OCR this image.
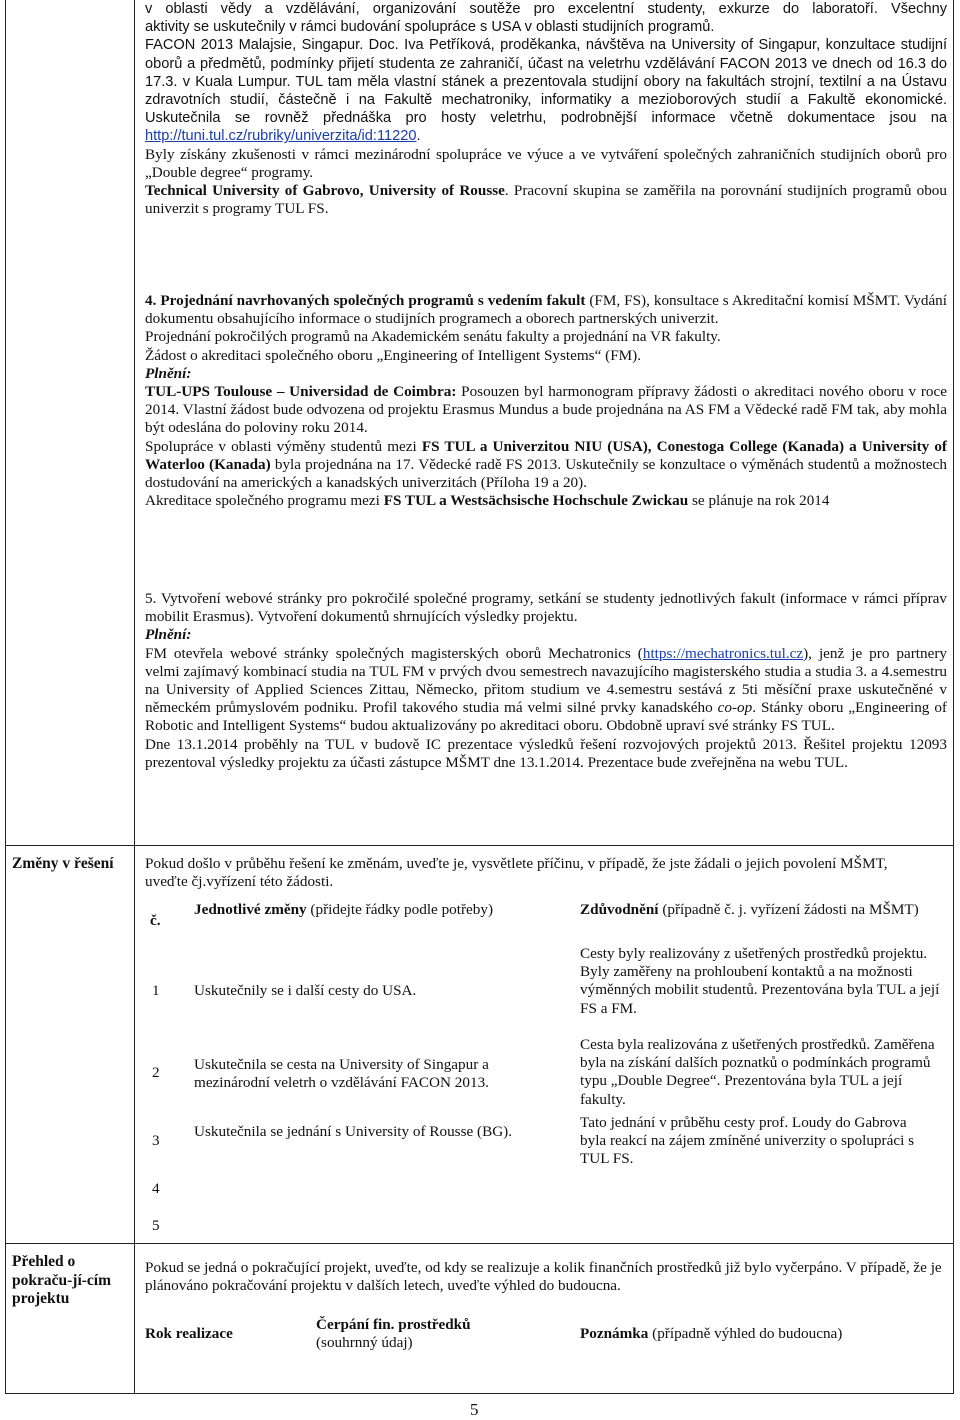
v oblasti vědy a vzdělávání, organizování soutěže pro excelentní studenty, exkurze do laboratoří. Všechny

aktivity se uskutečnily v rámci budování spolupráce s USA v oblasti studijních programů.

FACON 2013 Malajsie, Singapur. Doc. Iva Petříková, proděkanka, návštěva na University of Singapur, konzultace studijní oborů a předmětů, podmínky přijetí studenta ze zahraničí, účast na veletrhu vzdělávání FACON 2013 ve dnech od 16.3 do 17.3. v Kuala Lumpur. TUL tam měla vlastní stánek a prezentovala studijní obory na fakultách strojní, textilní a na Ústavu zdravotních studií, částečně i na Fakultě mechatroniky, informatiky a mezioborových studií a Fakultě ekonomické. Uskutečnila se rovněž přednáška pro hosty veletrhu, podrobnější informace včetně dokumentace jsou na http://tuni.tul.cz/rubriky/univerzita/id:11220.

Byly získány zkušenosti v rámci mezinárodní spolupráce ve výuce a ve vytváření společných zahraničních studijních oborů pro „Double degree“ programy.

Technical University of Gabrovo, University of Rousse. Pracovní skupina se zaměřila na porovnání studijních programů obou univerzit s programy TUL FS.

4. Projednání navrhovaných společných programů s vedením fakult (FM, FS), konsultace s Akreditační komisí MŠMT. Vydání dokumentu obsahujícího informace o studijních programech a oborech partnerských univerzit.

Projednání pokročilých programů na Akademickém senátu fakulty a projednání na VR fakulty.

Žádost o akreditaci společného oboru „Engineering of Intelligent Systems“ (FM).

Plnění:

TUL-UPS Toulouse – Universidad de Coimbra: Posouzen byl harmonogram přípravy žádosti o akreditaci nového oboru v roce 2014. Vlastní žádost bude odvozena od projektu Erasmus Mundus a bude projednána na AS FM a Vědecké radě FM tak, aby mohla být odeslána do poloviny roku 2014.

Spolupráce v oblasti výměny studentů mezi FS TUL a Univerzitou NIU (USA), Conestoga College (Kanada) a University of Waterloo (Kanada) byla projednána na 17. Vědecké radě FS 2013. Uskutečnily se konzultace o výměnách studentů a možnostech dostudování na amerických a kanadských univerzitách (Příloha 19 a 20).

Akreditace společného programu mezi FS TUL a Westsächsische Hochschule Zwickau se plánuje na rok 2014

5. Vytvoření webové stránky pro pokročilé společné programy, setkání se studenty jednotlivých fakult (informace v rámci příprav mobilit Erasmus). Vytvoření dokumentů shrnujících výsledky projektu.

Plnění:

FM otevřela webové stránky společných magisterských oborů Mechatronics (https://mechatronics.tul.cz), jenž je pro partnery velmi zajímavý kombinací studia na TUL FM v prvých dvou semestrech navazujícího magisterského studia a studia 3. a 4.semestru na University of Applied Sciences Zittau, Německo, přitom studium ve 4.semestru sestává z 5ti měsíční praxe uskutečněné v německém průmyslovém podniku. Profil takového studia má velmi silné prvky kanadského co-op. Stánky oboru „Engineering of Robotic and Intelligent Systems“ budou aktualizovány po akreditaci oboru. Obdobně upraví své stránky FS TUL.

Dne 13.1.2014 proběhly na TUL v budově IC prezentace výsledků řešení rozvojových projektů 2013. Řešitel projektu 12093 prezentoval výsledky projektu za účasti zástupce MŠMT dne 13.1.2014. Prezentace bude zveřejněna na webu TUL.

Změny v řešení	Pokud došlo v průběhu řešení ke změnám, uveďte je, vysvětlete příčinu, v případě, že jste žádali o jejich povolení MŠMT, uveďte čj.vyřízení této žádosti.

č.
Jednotlivé změny (přidejte řádky podle potřeby)	Zdůvodnění (případně č. j. vyřízení žádosti na MŠMT)
1 Uskutečnily se i další cesty do USA.
Cesty byly realizovány z ušetřených prostředků projektu. Byly zaměřeny na prohloubení kontaktů a na možnosti výměnných mobilit studentů. Prezentována byla TUL a její FS a FM.
2 Uskutečnila se cesta na University of Singapur a mezinárodní veletrh o vzdělávání FACON 2013.
Cesta byla realizována z ušetřených prostředků. Zaměřena byla na získání dalších poznatků o podmínkách programů typu „Double Degree“. Prezentována byla TUL a její fakulty.
3
Uskutečnila se jednání s University of Rousse (BG).
Tato jednání v průběhu cesty prof. Loudy do Gabrova byla reakcí na zájem zmíněné univerzity o spolupráci s TUL FS.
4
5
Přehled o pokraču-jí-cím projektu

Pokud se jedná o pokračující projekt, uveďte, od kdy se realizuje a kolik finančních prostředků již bylo vyčerpáno. V případě, že je plánováno pokračování projektu v dalších letech, uveďte výhled do budoucna.

Rok realizace
Čerpání fin. prostředků
(souhrnný údaj)
Poznámka (případně výhled do budoucna)
5
